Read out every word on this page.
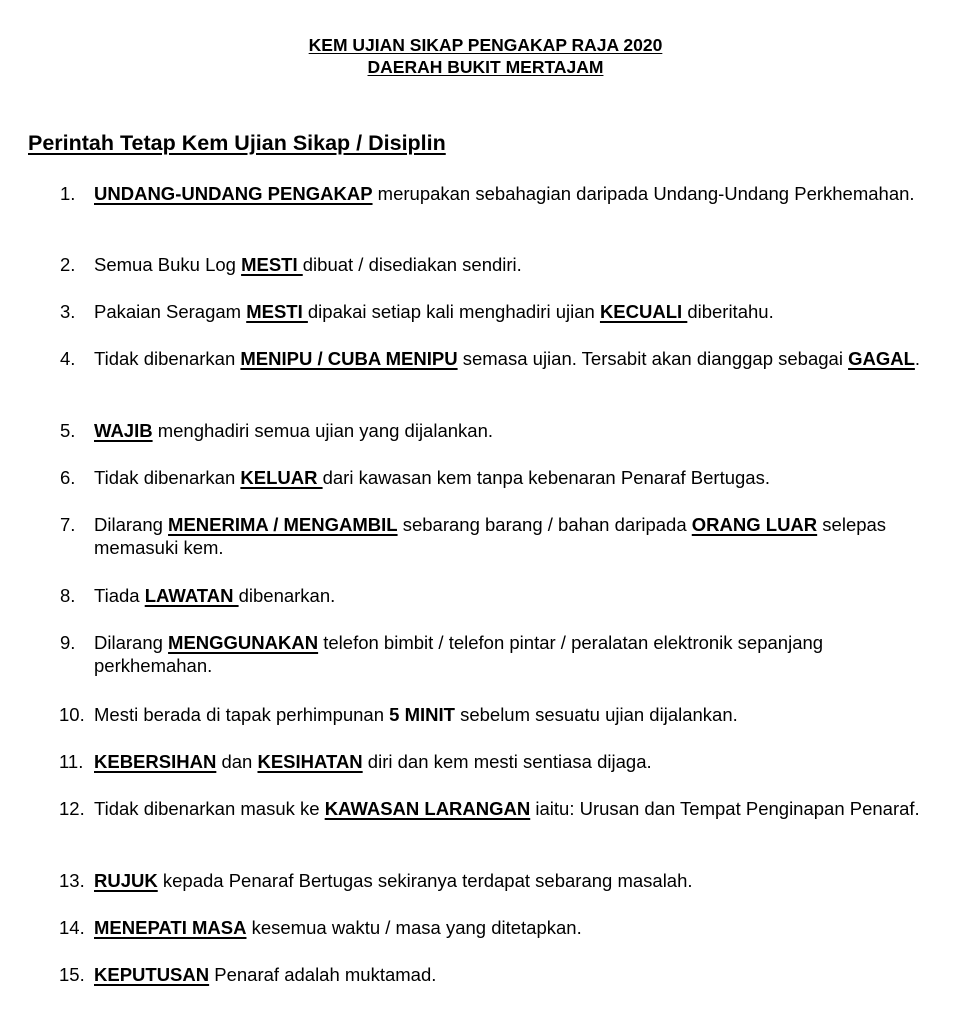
KEM UJIAN SIKAP PENGAKAP RAJA 2020
DAERAH BUKIT MERTAJAM
Perintah Tetap Kem Ujian Sikap / Disiplin
1.	UNDANG-UNDANG PENGAKAP merupakan sebahagian daripada Undang-Undang Perkhemahan.
2.	Semua Buku Log MESTI dibuat / disediakan sendiri.
3.	Pakaian Seragam MESTI dipakai setiap kali menghadiri ujian KECUALI diberitahu.
4.	Tidak dibenarkan MENIPU / CUBA MENIPU semasa ujian. Tersabit akan dianggap sebagai GAGAL.
5.	WAJIB menghadiri semua ujian yang dijalankan.
6.	Tidak dibenarkan KELUAR dari kawasan kem tanpa kebenaran Penaraf Bertugas.
7.	Dilarang MENERIMA / MENGAMBIL sebarang barang / bahan daripada ORANG LUAR selepas memasuki kem.
8.	Tiada LAWATAN dibenarkan.
9.	Dilarang MENGGUNAKAN telefon bimbit / telefon pintar / peralatan elektronik sepanjang perkhemahan.
10. Mesti berada di tapak perhimpunan 5 MINIT sebelum sesuatu ujian dijalankan.
11. KEBERSIHAN dan KESIHATAN diri dan kem mesti sentiasa dijaga.
12. Tidak dibenarkan masuk ke KAWASAN LARANGAN iaitu: Urusan dan Tempat Penginapan Penaraf.
13. RUJUK kepada Penaraf Bertugas sekiranya terdapat sebarang masalah.
14. MENEPATI MASA kesemua waktu / masa yang ditetapkan.
15. KEPUTUSAN Penaraf adalah muktamad.
